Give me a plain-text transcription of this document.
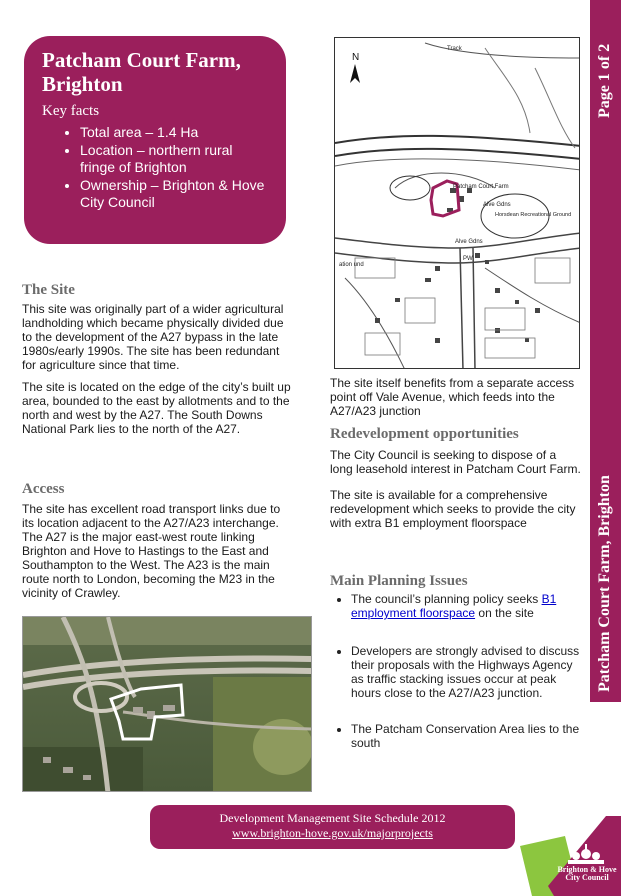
Patcham Court Farm, Brighton
Key facts
• Total area – 1.4 Ha
• Location – northern rural fringe of Brighton
• Ownership – Brighton & Hove City Council
Page 1 of 2
Patcham Court Farm, Brighton
N
Track
Patcham Court Farm
Alve Gdns
Horsdean Recreational Ground
Alve Gdns
PW
ation und
The Site

This site was originally part of a wider agricultural landholding which became physically divided due to the development of the A27 bypass in the late 1980s/early 1990s. The site has been redundant for agriculture since that time.

The site is located on the edge of the city’s built up area, bounded to the east by allotments and to the north and west by the A27. The South Downs National Park lies to the north of the A27.

Access

The site has excellent road transport links due to its location adjacent to the A27/A23 interchange. The A27 is the major east-west route linking Brighton and Hove to Hastings to the East and Southampton to the West. The A23 is the main route north to London, becoming the M23 in the vicinity of Crawley.

The site itself benefits from a separate access point off Vale Avenue, which feeds into the A27/A23 junction

Redevelopment opportunities

The City Council is seeking to dispose of a long leasehold interest in Patcham Court Farm.

The site is available for a comprehensive redevelopment which seeks to provide the city with extra B1 employment floorspace

Main Planning Issues
• The council’s planning policy seeks B1 employment floorspace on the site
• Developers are strongly advised to discuss their proposals with the Highways Agency as traffic stacking issues occur at peak hours close to the A27/A23 junction.
• The Patcham Conservation Area lies to the south
Development Management Site Schedule 2012
www.brighton-hove.gov.uk/majorprojects
Brighton & Hove City Council
